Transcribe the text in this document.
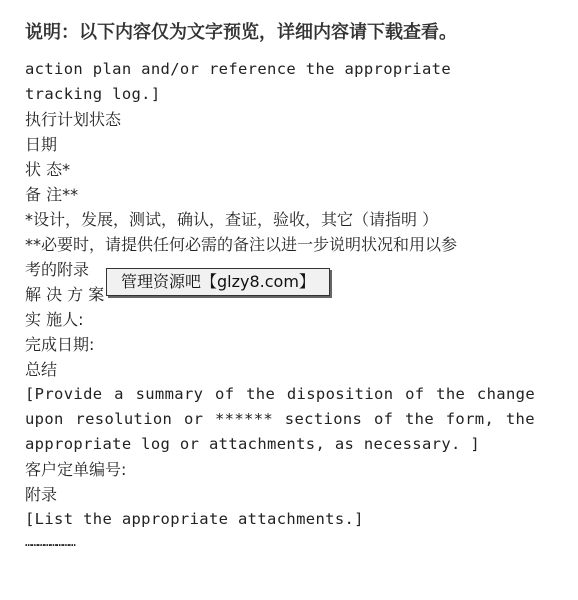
说明：以下内容仅为文字预览，详细内容请下载查看。
action plan and/or reference the appropriate
tracking log.]
执行计划状态
日期
状 态*
备 注**
*设计，发展，测试，确认，查证，验收，其它（请指明 ）
**必要时，请提供任何必需的备注以进一步说明状况和用以参
考的附录
解 决 方 案
实 施人:
完成日期:
总结
[Provide a summary of the disposition of the change
upon resolution or ****** sections of the form, the
appropriate log or attachments, as necessary. ]
客户定单编号:
附录
[List the appropriate attachments.]
……………………
管理资源吧【glzy8.com】
